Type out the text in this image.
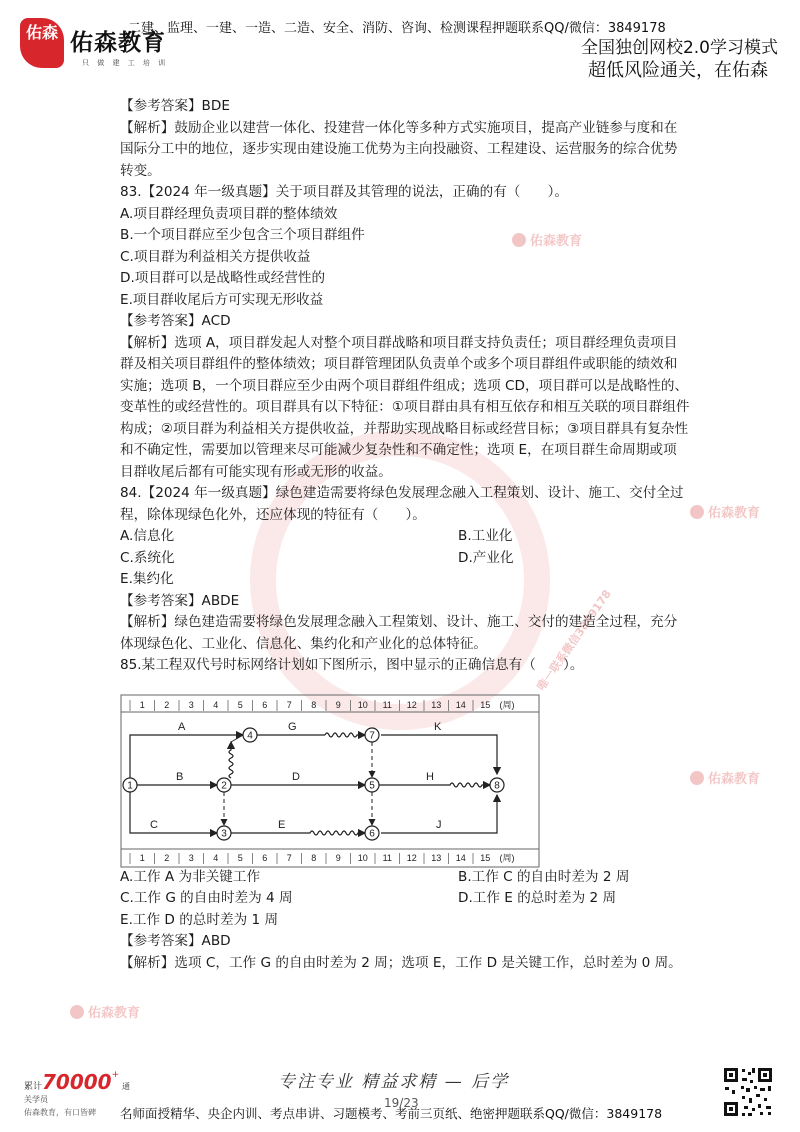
佑森教育
佑森教育
佑森教育
佑森教育
唯一联系微信3849178
佑森 佑森教育
只 做 建 工 培 训
二建、监理、一建、一造、二造、安全、消防、咨询、检测课程押题联系QQ/微信：3849178
全国独创网校2.0学习模式
超低风险通关，在佑森

【参考答案】BDE

【解析】鼓励企业以建营一体化、投建营一体化等多种方式实施项目，提高产业链参与度和在国际分工中的地位，逐步实现由建设施工优势为主向投融资、工程建设、运营服务的综合优势转变。

83.【2024 年一级真题】关于项目群及其管理的说法，正确的有（　　）。

A.项目群经理负责项目群的整体绩效

B.一个项目群应至少包含三个项目群组件

C.项目群为利益相关方提供收益

D.项目群可以是战略性或经营性的

E.项目群收尾后方可实现无形收益

【参考答案】ACD

【解析】选项 A，项目群发起人对整个项目群战略和项目群支持负责任；项目群经理负责项目群及相关项目群组件的整体绩效；项目群管理团队负责单个或多个项目群组件或职能的绩效和实施；选项 B，一个项目群应至少由两个项目群组件组成；选项 CD，项目群可以是战略性的、变革性的或经营性的。项目群具有以下特征：①项目群由具有相互依存和相互关联的项目群组件构成；②项目群为利益相关方提供收益，并帮助实现战略目标或经营目标；③项目群具有复杂性和不确定性，需要加以管理来尽可能减少复杂性和不确定性；选项 E，在项目群生命周期或项目群收尾后都有可能实现有形或无形的收益。

84.【2024 年一级真题】绿色建造需要将绿色发展理念融入工程策划、设计、施工、交付全过程，除体现绿色化外，还应体现的特征有（　　）。

A.信息化	B.工业化
C.系统化	D.产业化

E.集约化

【参考答案】ABDE

【解析】绿色建造需要将绿色发展理念融入工程策划、设计、施工、交付的建造全过程，充分体现绿色化、工业化、信息化、集约化和产业化的总体特征。

85.某工程双代号时标网络计划如下图所示，图中显示的正确信息有（　　）。

A.工作 A 为非关键工作	B.工作 C 的自由时差为 2 周
C.工作 G 的自由时差为 4 周	D.工作 E 的总时差为 2 周

E.工作 D 的总时差为 1 周

【参考答案】ABD

【解析】选项 C，工作 G 的自由时差为 2 周；选项 E，工作 D 是关键工作，总时差为 0 周。

1 2 3 4 5 6 7 8 9 10 11 12 13 14 15 (周)
1 2 3 4 5 6 7 8 9 10 11 12 13 14 15 (周)
A	G	K
B	D	H
C	E	J
1	2
3
4
5
6
7
8
累计70000+ 通关学员
佑森教育，有口皆碑
专注专业 精益求精 — 后学
19/23
名师面授精华、央企内训、考点串讲、习题模考、考前三页纸、绝密押题联系QQ/微信：3849178
